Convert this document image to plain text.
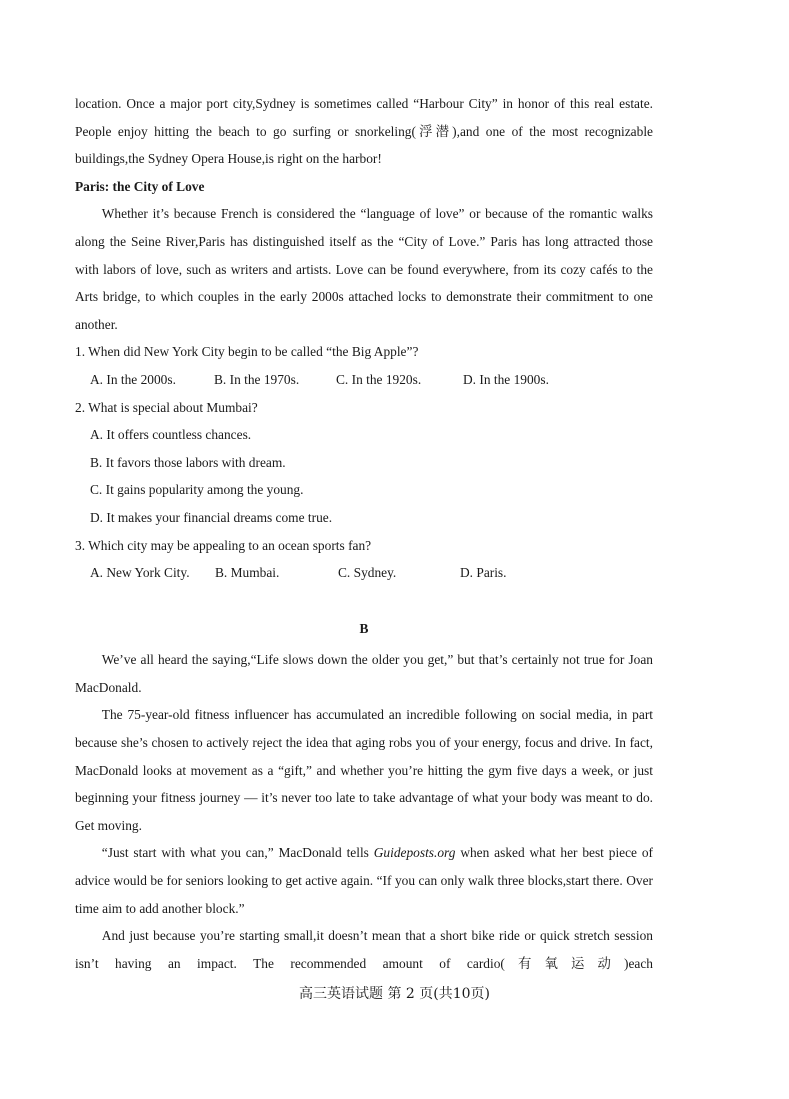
location. Once a major port city,Sydney is sometimes called “Harbour City” in honor of this real estate. People enjoy hitting the beach to go surfing or snorkeling(浮潜),and one of the most recognizable buildings,the Sydney Opera House,is right on the harbor!

Paris: the City of Love

Whether it’s because French is considered the “language of love” or because of the romantic walks along the Seine River,Paris has distinguished itself as the “City of Love.” Paris has long attracted those with labors of love, such as writers and artists. Love can be found everywhere, from its cozy cafés to the Arts bridge, to which couples in the early 2000s attached locks to demonstrate their commitment to one another.

1. When did New York City begin to be called “the Big Apple”?

A. In the 2000s.	B. In the 1970s.	C. In the 1920s.	D. In the 1900s.

2. What is special about Mumbai?

A. It offers countless chances.

B. It favors those labors with dream.

C. It gains popularity among the young.

D. It makes your financial dreams come true.

3. Which city may be appealing to an ocean sports fan?

A. New York City. B. Mumbai.	C. Sydney.	D. Paris.

B

We’ve all heard the saying,“Life slows down the older you get,” but that’s certainly not true for Joan MacDonald.

The 75-year-old fitness influencer has accumulated an incredible following on social media, in part because she’s chosen to actively reject the idea that aging robs you of your energy, focus and drive. In fact, MacDonald looks at movement as a “gift,” and whether you’re hitting the gym five days a week, or just beginning your fitness journey — it’s never too late to take advantage of what your body was meant to do. Get moving.

“Just start with what you can,” MacDonald tells Guideposts.org when asked what her best piece of advice would be for seniors looking to get active again. “If you can only walk three blocks,start there. Over time aim to add another block.”

And just because you’re starting small,it doesn’t mean that a short bike ride or quick stretch session isn’t having an impact. The recommended amount of cardio(有氧运动)each

高三英语试题 第 2 页(共10页)
